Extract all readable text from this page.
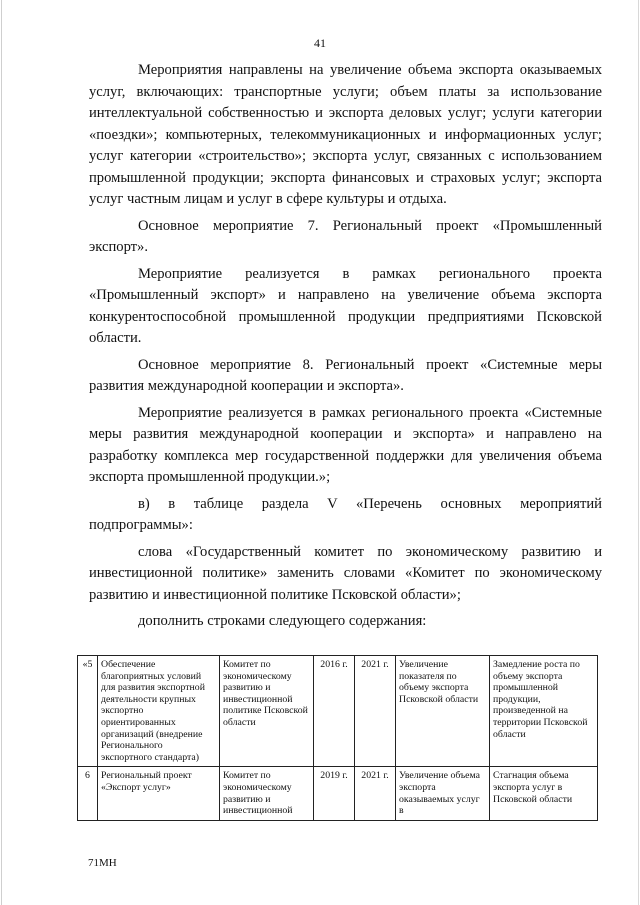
41

Мероприятия направлены на увеличение объема экспорта оказываемых услуг, включающих: транспортные услуги; объем платы за использование интеллектуальной собственностью и экспорта деловых услуг; услуги категории «поездки»; компьютерных, телекоммуникационных и информационных услуг; услуг категории «строительство»; экспорта услуг, связанных с использованием промышленной продукции; экспорта финансовых и страховых услуг; экспорта услуг частным лицам и услуг в сфере культуры и отдыха.

Основное мероприятие 7. Региональный проект «Промышленный экспорт».

Мероприятие реализуется в рамках регионального проекта «Промышленный экспорт» и направлено на увеличение объема экспорта конкурентоспособной промышленной продукции предприятиями Псковской области.

Основное мероприятие 8. Региональный проект «Системные меры развития международной кооперации и экспорта».

Мероприятие реализуется в рамках регионального проекта «Системные меры развития международной кооперации и экспорта» и направлено на разработку комплекса мер государственной поддержки для увеличения объема экспорта промышленной продукции.»;

в) в таблице раздела V «Перечень основных мероприятий подпрограммы»:

слова «Государственный комитет по экономическому развитию и инвестиционной политике» заменить словами «Комитет по экономическому развитию и инвестиционной политике Псковской области»;

дополнить строками следующего содержания:

«5	Обеспечение благоприятных условий для развития экспортной деятельности крупных экспортно ориентированных организаций (внедрение Регионального экспортного стандарта)	Комитет по экономическому развитию и инвестиционной политике Псковской области	2016 г.	2021 г.	Увеличение показателя по объему экспорта Псковской области	Замедление роста по объему экспорта промышленной продукции, произведенной на территории Псковской области
6	Региональный проект «Экспорт услуг»	Комитет по экономическому развитию и инвестиционной	2019 г.	2021 г.	Увеличение объема экспорта оказываемых услуг в	Стагнация объема экспорта услуг в Псковской области
71МН
